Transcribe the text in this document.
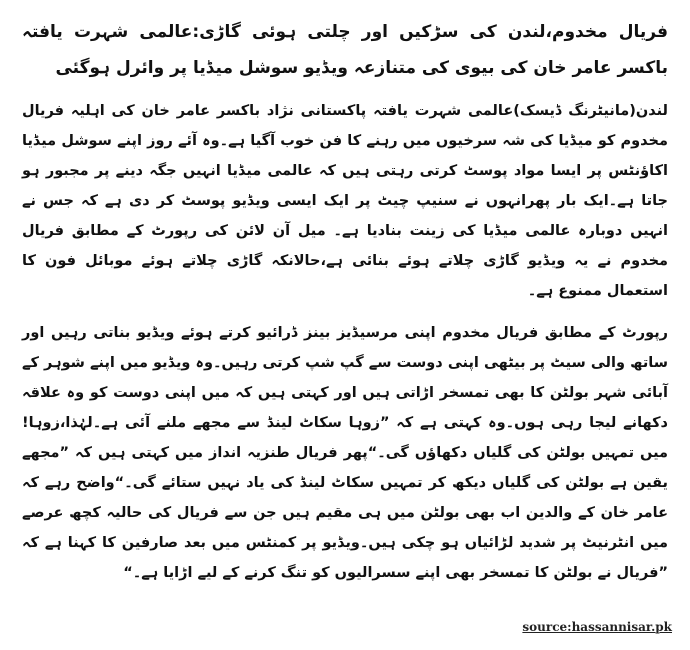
فریال مخدوم،لندن کی سڑکیں اور چلتی ہوئی گاڑی:عالمی شہرت یافتہ باکسر عامر خان کی بیوی کی متنازعہ ویڈیو سوشل میڈیا پر وائرل ہوگئی

لندن(مانیٹرنگ ڈیسک)عالمی شہرت یافتہ پاکستانی نژاد باکسر عامر خان کی اہلیہ فریال مخدوم کو میڈیا کی شہ سرخیوں میں رہنے کا فن خوب آگیا ہے۔وہ آئے روز اپنے سوشل میڈیا اکاؤنٹس پر ایسا مواد پوسٹ کرتی رہتی ہیں کہ عالمی میڈیا انہیں جگہ دینے پر مجبور ہو جاتا ہے۔ایک بار پھرانہوں نے سنیپ چیٹ پر ایک ایسی ویڈیو پوسٹ کر دی ہے کہ جس نے انہیں دوبارہ عالمی میڈیا کی زینت بنادیا ہے۔ میل آن لائن کی رپورٹ کے مطابق فریال مخدوم نے یہ ویڈیو گاڑی چلاتے ہوئے بنائی ہے،حالانکہ گاڑی چلاتے ہوئے موبائل فون کا استعمال ممنوع ہے۔

رپورٹ کے مطابق فریال مخدوم اپنی مرسیڈیز بینز ڈرائیو کرتے ہوئے ویڈیو بناتی رہیں اور ساتھ والی سیٹ پر بیٹھی اپنی دوست سے گپ شپ کرتی رہیں۔وہ ویڈیو میں اپنے شوہر کے آبائی شہر بولٹن کا بھی تمسخر اڑاتی ہیں اور کہتی ہیں کہ میں اپنی دوست کو وہ علاقہ دکھانے لیجا رہی ہوں۔وہ کہتی ہے کہ ”زوہا سکاٹ لینڈ سے مجھے ملنے آئی ہے۔لہٰذا،زوہا!میں تمہیں بولٹن کی گلیاں دکھاؤں گی۔“پھر فریال طنزیہ انداز میں کہتی ہیں کہ ”مجھے یقین ہے بولٹن کی گلیاں دیکھ کر تمہیں سکاٹ لینڈ کی یاد نہیں ستائے گی۔“واضح رہے کہ عامر خان کے والدین اب بھی بولٹن میں ہی مقیم ہیں جن سے فریال کی حالیہ کچھ عرصے میں انٹرنیٹ پر شدید لڑائیاں ہو چکی ہیں۔ویڈیو پر کمنٹس میں بعد صارفین کا کہنا ہے کہ ”فریال نے بولٹن کا تمسخر بھی اپنے سسرالیوں کو تنگ کرنے کے لیے اڑایا ہے۔“

source:hassannisar.pk
